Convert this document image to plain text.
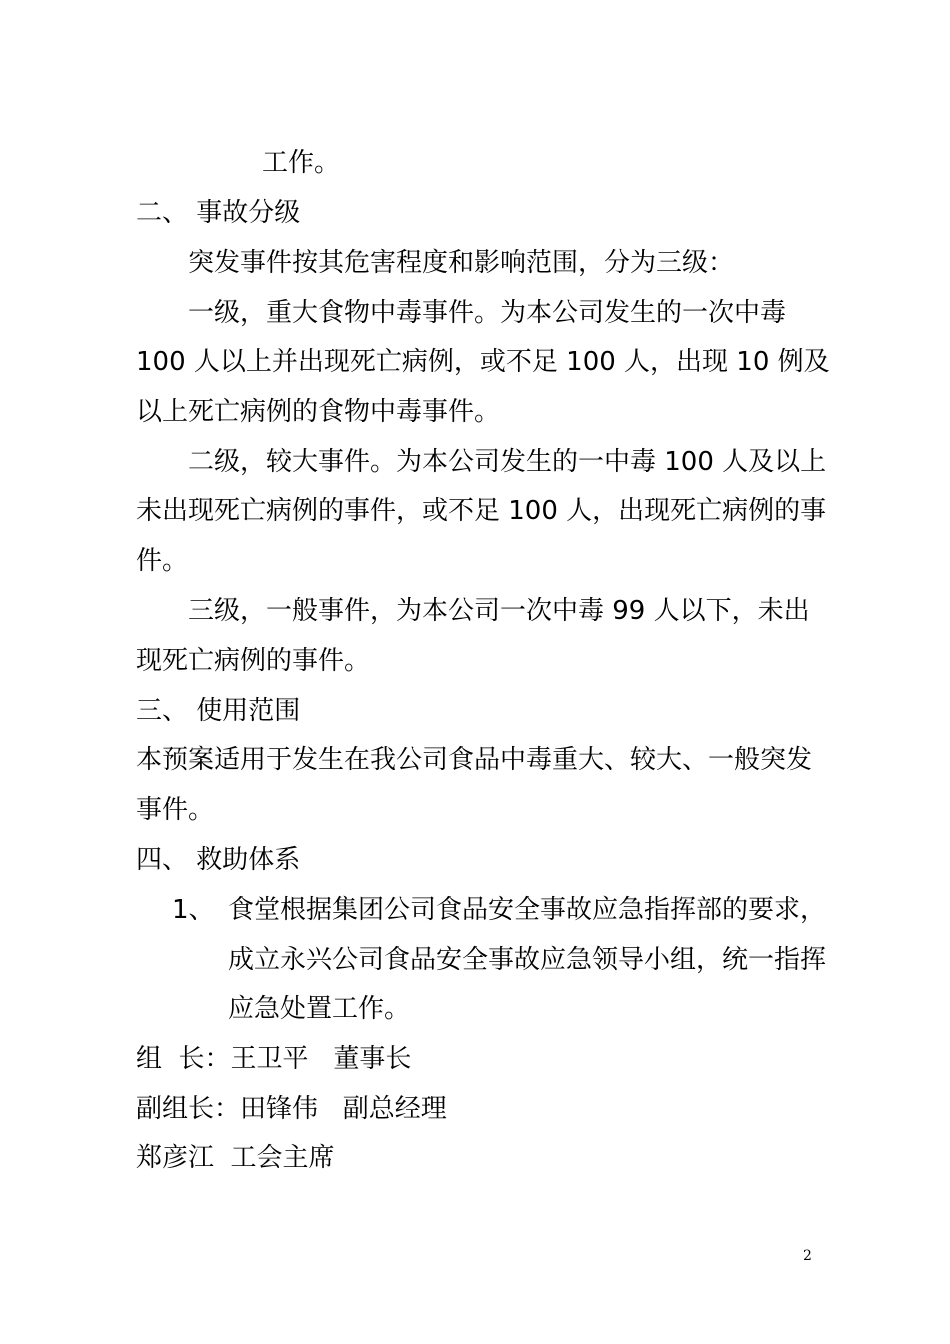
工作。

二、 事故分级

突发事件按其危害程度和影响范围，分为三级：

一级，重大食物中毒事件。为本公司发生的一次中毒

100 人以上并出现死亡病例，或不足 100 人，出现 10 例及

以上死亡病例的食物中毒事件。

二级，较大事件。为本公司发生的一中毒 100 人及以上

未出现死亡病例的事件，或不足 100 人，出现死亡病例的事

件。

三级，一般事件，为本公司一次中毒 99 人以下，未出

现死亡病例的事件。

三、 使用范围

本预案适用于发生在我公司食品中毒重大、较大、一般突发

事件。

四、 救助体系

1、 食堂根据集团公司食品安全事故应急指挥部的要求，

成立永兴公司食品安全事故应急领导小组，统一指挥

应急处置工作。

组  长：王卫平   董事长

副组长：田锋伟   副总经理

郑彦江  工会主席

2
